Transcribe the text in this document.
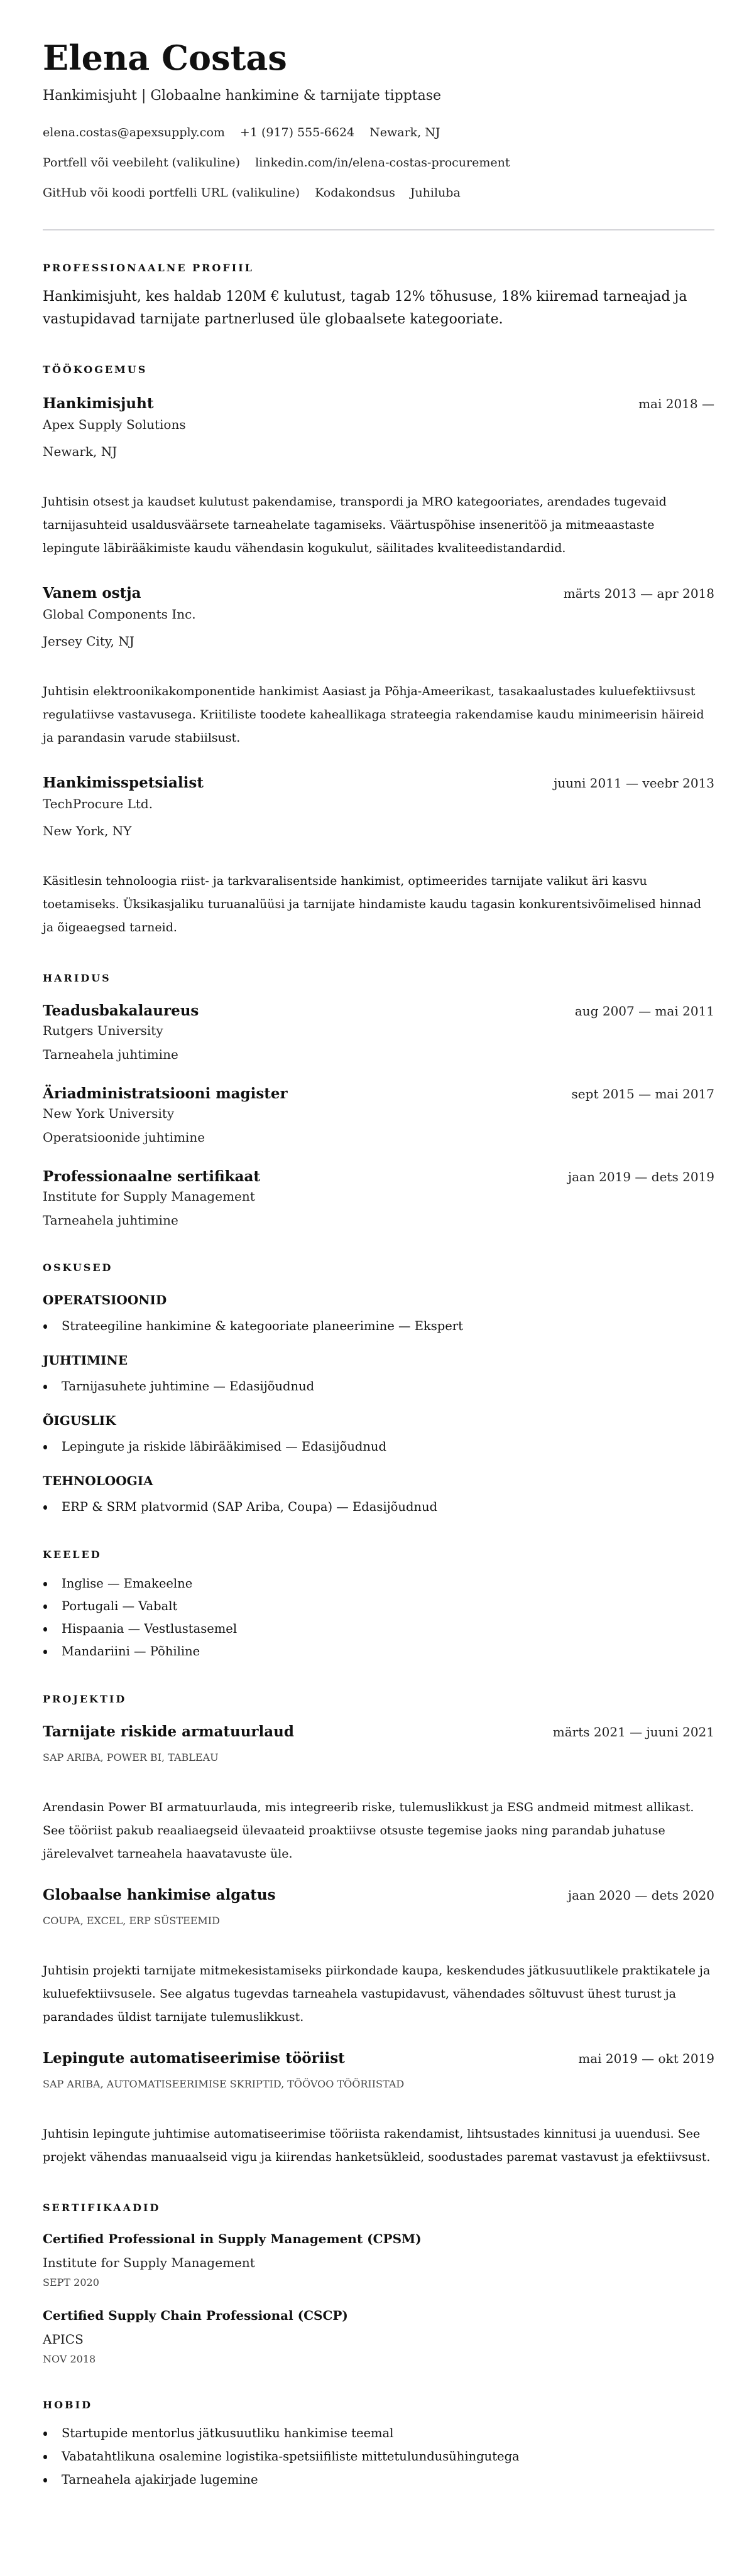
Elena Costas
Hankimisjuht | Globaalne hankimine & tarnijate tipptase
elena.costas@apexsupply.com +1 (917) 555-6624 Newark, NJ
Portfell või veebileht (valikuline) linkedin.com/in/elena-costas-procurement
GitHub või koodi portfelli URL (valikuline) Kodakondsus Juhiluba
PROFESSIONAALNE PROFIIL
Hankimisjuht, kes haldab 120M € kulutust, tagab 12% tõhususe, 18% kiiremad tarneajad ja vastupidavad tarnijate partnerlused üle globaalsete kategooriate.
TÖÖKOGEMUS
Hankimisjuht	mai 2018 —
Apex Supply Solutions
Newark, NJ
Juhtisin otsest ja kaudset kulutust pakendamise, transpordi ja MRO kategooriates, arendades tugevaid tarnijasuhteid usaldusväärsete tarneahelate tagamiseks. Väärtuspõhise inseneritöö ja mitmeaastaste lepingute läbirääkimiste kaudu vähendasin kogukulut, säilitades kvaliteedistandardid.
Vanem ostja	märts 2013 — apr 2018
Global Components Inc.
Jersey City, NJ
Juhtisin elektroonikakomponentide hankimist Aasiast ja Põhja-Ameerikast, tasakaalustades kuluefektiivsust regulatiivse vastavusega. Kriitiliste toodete kaheallikaga strateegia rakendamise kaudu minimeerisin häireid ja parandasin varude stabiilsust.
Hankimisspetsialist	juuni 2011 — veebr 2013
TechProcure Ltd.
New York, NY
Käsitlesin tehnoloogia riist- ja tarkvaralisentside hankimist, optimeerides tarnijate valikut äri kasvu toetamiseks. Üksikasjaliku turuanalüüsi ja tarnijate hindamiste kaudu tagasin konkurentsivõimelised hinnad ja õigeaegsed tarneid.
HARIDUS
Teadusbakalaureus	aug 2007 — mai 2011
Rutgers University
Tarneahela juhtimine
Äriadministratsiooni magister	sept 2015 — mai 2017
New York University
Operatsioonide juhtimine
Professionaalne sertifikaat	jaan 2019 — dets 2019
Institute for Supply Management
Tarneahela juhtimine
OSKUSED
OPERATSIOONID
Strateegiline hankimine & kategooriate planeerimine — Ekspert
JUHTIMINE
Tarnijasuhete juhtimine — Edasijõudnud
ÕIGUSLIK
Lepingute ja riskide läbirääkimised — Edasijõudnud
TEHNOLOOGIA
ERP & SRM platvormid (SAP Ariba, Coupa) — Edasijõudnud
KEELED
Inglise — Emakeelne
Portugali — Vabalt
Hispaania — Vestlustasemel
Mandariini — Põhiline
PROJEKTID
Tarnijate riskide armatuurlaud	märts 2021 — juuni 2021
SAP ARIBA, POWER BI, TABLEAU
Arendasin Power BI armatuurlauda, mis integreerib riske, tulemuslikkust ja ESG andmeid mitmest allikast. See tööriist pakub reaaliaegseid ülevaateid proaktiivse otsuste tegemise jaoks ning parandab juhatuse järelevalvet tarneahela haavatavuste üle.
Globaalse hankimise algatus	jaan 2020 — dets 2020
COUPA, EXCEL, ERP SÜSTEEMID
Juhtisin projekti tarnijate mitmekesistamiseks piirkondade kaupa, keskendudes jätkusuutlikele praktikatele ja kuluefektiivsusele. See algatus tugevdas tarneahela vastupidavust, vähendades sõltuvust ühest turust ja parandades üldist tarnijate tulemuslikkust.
Lepingute automatiseerimise tööriist	mai 2019 — okt 2019
SAP ARIBA, AUTOMATISEERIMISE SKRIPTID, TÖÖVOO TÖÖRIISTAD
Juhtisin lepingute juhtimise automatiseerimise tööriista rakendamist, lihtsustades kinnitusi ja uuendusi. See projekt vähendas manuaalseid vigu ja kiirendas hanketsükleid, soodustades paremat vastavust ja efektiivsust.
SERTIFIKAADID
Certified Professional in Supply Management (CPSM)
Institute for Supply Management
SEPT 2020
Certified Supply Chain Professional (CSCP)
APICS
NOV 2018
HOBID
Startupide mentorlus jätkusuutliku hankimise teemal
Vabatahtlikuna osalemine logistika-spetsiifiliste mittetulundusühingutega
Tarneahela ajakirjade lugemine
